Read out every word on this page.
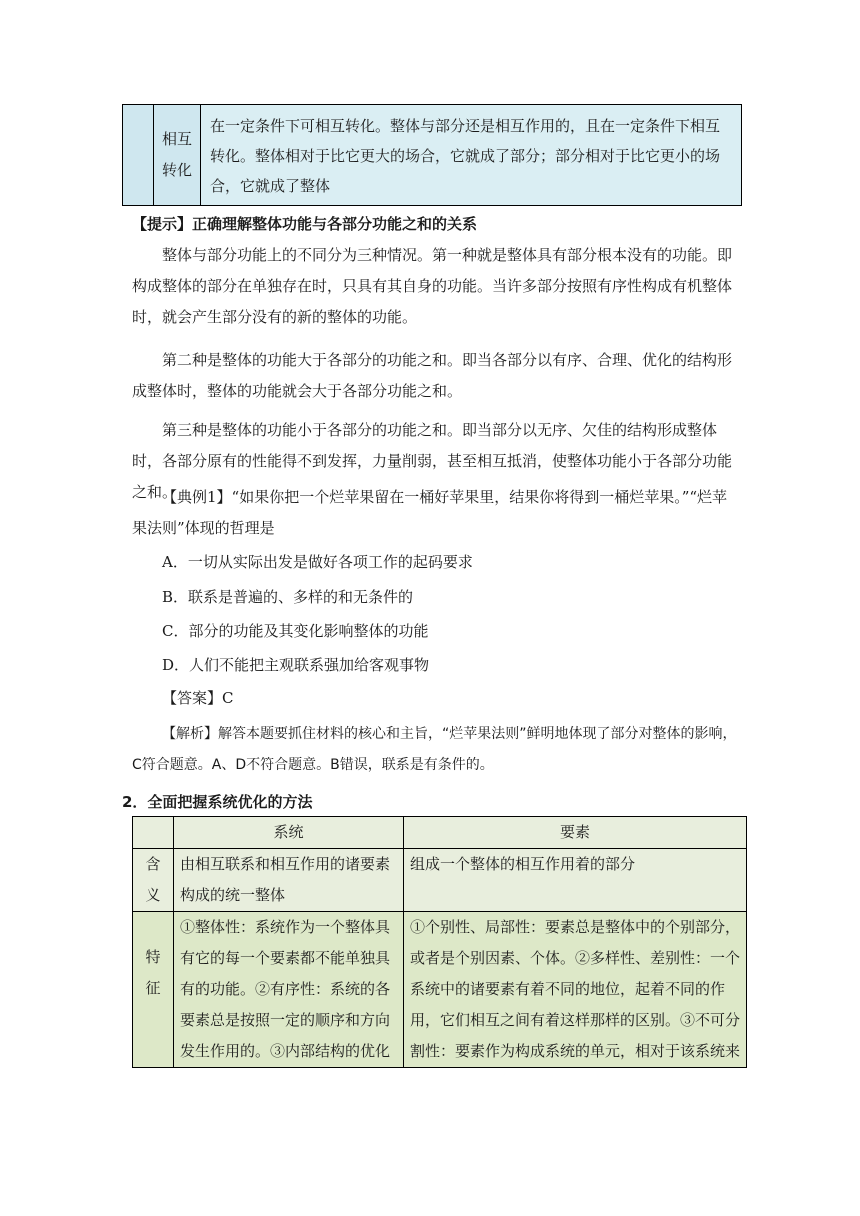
相互
转化
	在一定条件下可相互转化。整体与部分还是相互作用的，且在一定条件下相互转化。整体相对于比它更大的场合，它就成了部分；部分相对于比它更小的场合，它就成了整体
【提示】正确理解整体功能与各部分功能之和的关系
整体与部分功能上的不同分为三种情况。第一种就是整体具有部分根本没有的功能。即构成整体的部分在单独存在时，只具有其自身的功能。当许多部分按照有序性构成有机整体时，就会产生部分没有的新的整体的功能。
第二种是整体的功能大于各部分的功能之和。即当各部分以有序、合理、优化的结构形成整体时，整体的功能就会大于各部分功能之和。
第三种是整体的功能小于各部分的功能之和。即当部分以无序、欠佳的结构形成整体时，各部分原有的性能得不到发挥，力量削弱，甚至相互抵消，使整体功能小于各部分功能之和。
【典例1】“如果你把一个烂苹果留在一桶好苹果里，结果你将得到一桶烂苹果。”“烂苹果法则”体现的哲理是
A．一切从实际出发是做好各项工作的起码要求
B．联系是普遍的、多样的和无条件的
C．部分的功能及其变化影响整体的功能
D．人们不能把主观联系强加给客观事物
【答案】C
【解析】解答本题要抓住材料的核心和主旨，“烂苹果法则”鲜明地体现了部分对整体的影响，C符合题意。A、D不符合题意。B错误，联系是有条件的。
2．全面把握系统优化的方法
	系统	要素

含
义	由相互联系和相互作用的诸要素构成的统一整体	组成一个整体的相互作用着的部分

特
征	①整体性：系统作为一个整体具有它的每一个要素都不能单独具有的功能。②有序性：系统的各要素总是按照一定的顺序和方向发生作用的。③内部结构的优化	①个别性、局部性：要素总是整体中的个别部分，或者是个别因素、个体。②多样性、差别性：一个系统中的诸要素有着不同的地位，起着不同的作用，它们相互之间有着这样那样的区别。③不可分割性：要素作为构成系统的单元，相对于该系统来
